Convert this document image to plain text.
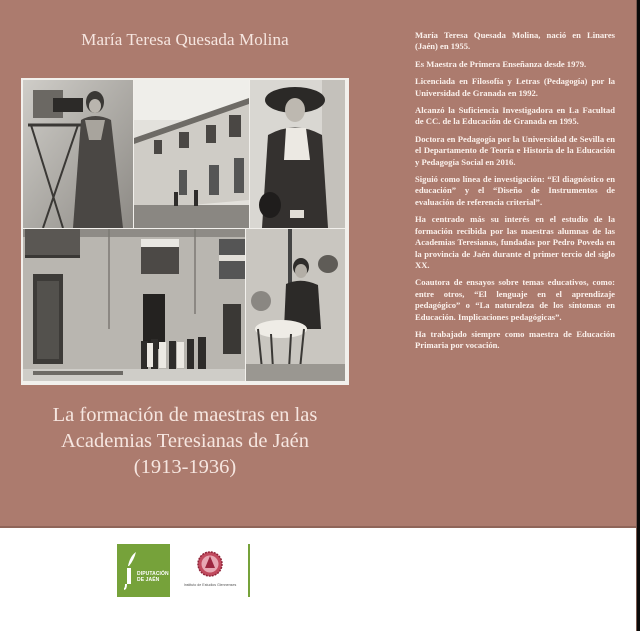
María Teresa Quesada Molina
La formación de maestras en las
Academias Teresianas de Jaén
(1913-1936)

María Teresa Quesada Molina, nació en Linares (Jaén) en 1955.

Es Maestra de Primera Enseñanza desde 1979.

Licenciada en Filosofía y Letras (Pedagogía) por la Universidad de Granada en 1992.

Alcanzó la Suficiencia Investigadora en La Facultad de CC. de la Educación de Granada en 1995.

Doctora en Pedagogía por la Universidad de Sevilla en el Departamento de Teoría e Historia de la Educación y Pedagogía Social en 2016.

Siguió como línea de investigación: “El diagnóstico en educación” y el “Diseño de Instrumentos de evaluación de referencia criterial”.

Ha centrado más su interés en el estudio de la formación recibida por las maestras alumnas de las Academias Teresianas, fundadas por Pedro Poveda en la provincia de Jaén durante el primer tercio del siglo XX.

Coautora de ensayos sobre temas educativos, como: entre otros, “El lenguaje en el aprendizaje pedagógico” o “La naturaleza de los síntomas en Educación. Implicaciones pedagógicas”.

Ha trabajado siempre como maestra de Educación Primaria por vocación.

DIPUTACIÓN
DE JAÉN
Instituto de Estudios Giennenses
